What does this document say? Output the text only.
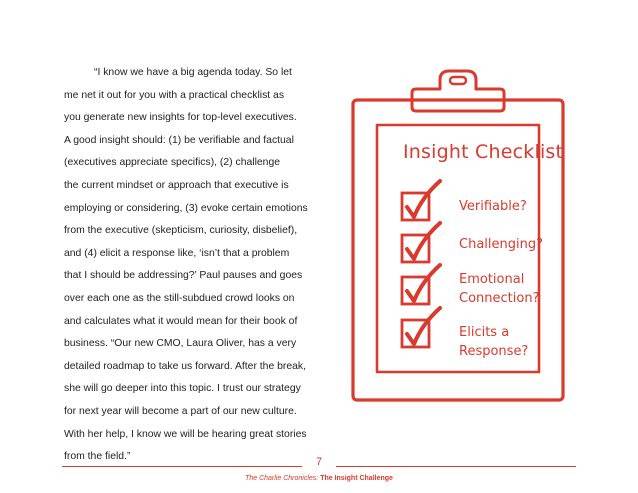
“I know we have a big agenda today. So let
me net it out for you with a practical checklist as
you generate new insights for top-level executives.
A good insight should: (1) be verifiable and factual
(executives appreciate specifics), (2) challenge
the current mindset or approach that executive is
employing or considering, (3) evoke certain emotions
from the executive (skepticism, curiosity, disbelief),
and (4) elicit a response like, ‘isn’t that a problem
that I should be addressing?’ Paul pauses and goes
over each one as the still-subdued crowd looks on
and calculates what it would mean for their book of
business. “Our new CMO, Laura Oliver, has a very
detailed roadmap to take us forward. After the break,
she will go deeper into this topic. I trust our strategy
for next year will become a part of our new culture.
With her help, I know we will be hearing great stories
from the field.”

Insight Checklist
Verifiable?
Challenging?
Emotional
Connection?
Elicits a
Response?
7
The Charlie Chronicles: The Insight Challenge
